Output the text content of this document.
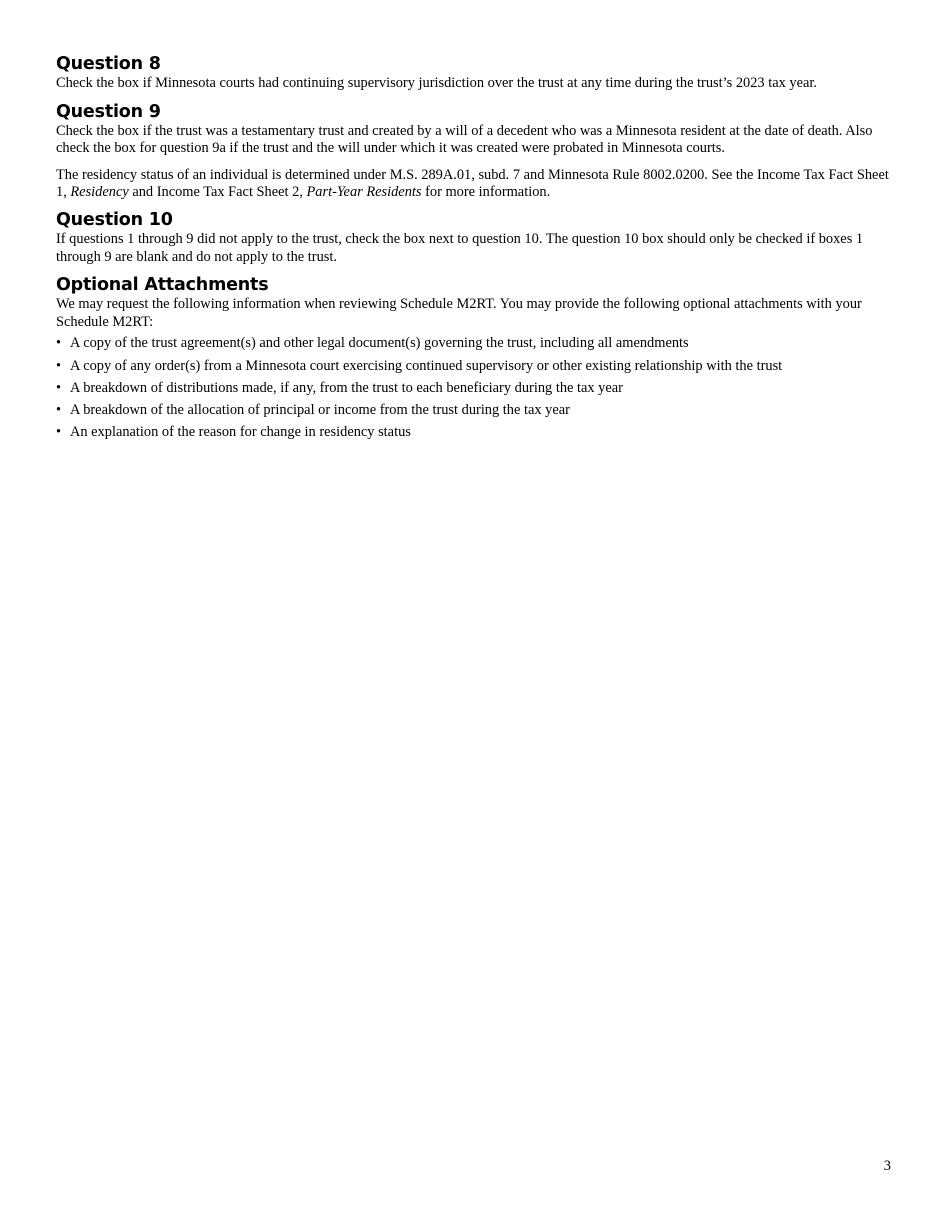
Question 8

Check the box if Minnesota courts had continuing supervisory jurisdiction over the trust at any time during the trust’s 2023 tax year.

Question 9

Check the box if the trust was a testamentary trust and created by a will of a decedent who was a Minnesota resident at the date of death. Also check the box for question 9a if the trust and the will under which it was created were probated in Minnesota courts.

The residency status of an individual is determined under M.S. 289A.01, subd. 7 and Minnesota Rule 8002.0200. See the Income Tax Fact Sheet 1, Residency and Income Tax Fact Sheet 2, Part-Year Residents for more information.

Question 10

If questions 1 through 9 did not apply to the trust, check the box next to question 10. The question 10 box should only be checked if boxes 1 through 9 are blank and do not apply to the trust.

Optional Attachments

We may request the following information when reviewing Schedule M2RT. You may provide the following optional attachments with your Schedule M2RT:

• A copy of the trust agreement(s) and other legal document(s) governing the trust, including all amendments
• A copy of any order(s) from a Minnesota court exercising continued supervisory or other existing relationship with the trust
• A breakdown of distributions made, if any, from the trust to each beneficiary during the tax year
• A breakdown of the allocation of principal or income from the trust during the tax year
• An explanation of the reason for change in residency status
3
